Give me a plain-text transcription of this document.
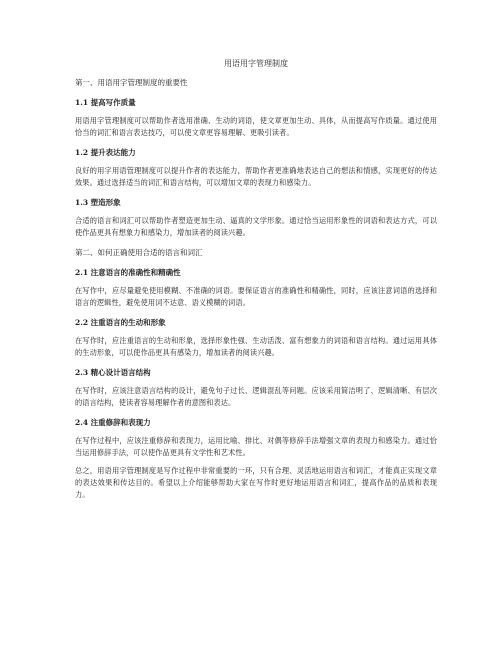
用语用字管理制度
第一、用语用字管理制度的重要性
1.1 提高写作质量
用语用字管理制度可以帮助作者选用准确、生动的词语，使文章更加生动、具体，从而提高写作质量。通过使用恰当的词汇和语言表达技巧，可以使文章更容易理解、更吸引读者。
1.2 提升表达能力
良好的用字用语管理制度可以提升作者的表达能力，帮助作者更准确地表达自己的想法和情感，实现更好的传达效果。通过选择适当的词汇和语言结构，可以增加文章的表现力和感染力。
1.3 塑造形象
合适的语言和词汇可以帮助作者塑造更加生动、逼真的文学形象。通过恰当运用形象性的词语和表达方式，可以使作品更具有想象力和感染力，增加读者的阅读兴趣。
第二、如何正确使用合适的语言和词汇
2.1 注意语言的准确性和精确性
在写作中，应尽量避免使用模糊、不准确的词语。要保证语言的准确性和精确性，同时，应该注意词语的选择和语言的逻辑性，避免使用词不达意、语义模糊的词语。
2.2 注重语言的生动和形象
在写作时，应注重语言的生动和形象，选择形象性强、生动活泼、富有想象力的词语和语言结构。通过运用具体的生动形象，可以使作品更具有感染力，增加读者的阅读兴趣。
2.3 精心设计语言结构
在写作时，应该注意语言结构的设计，避免句子过长、逻辑混乱等问题。应该采用简洁明了、逻辑清晰、有层次的语言结构，使读者容易理解作者的意图和表达。
2.4 注重修辞和表现力
在写作过程中，应该注重修辞和表现力，运用比喻、排比、对偶等修辞手法增强文章的表现力和感染力。通过恰当运用修辞手法，可以使作品更具有文学性和艺术性。
总之，用语用字管理制度是写作过程中非常重要的一环，只有合理、灵活地运用语言和词汇，才能真正实现文章的表达效果和传达目的。希望以上介绍能够帮助大家在写作时更好地运用语言和词汇，提高作品的品质和表现力。
